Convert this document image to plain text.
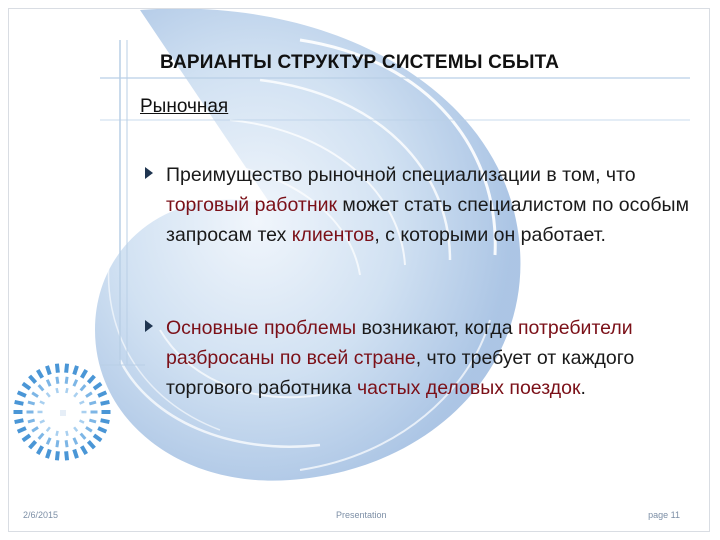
ВАРИАНТЫ СТРУКТУР СИСТЕМЫ СБЫТА
Рыночная
Преимущество рыночной специализации в том, что торговый работник может стать специалистом по особым запросам тех клиентов, с которыми он работает.
Основные проблемы возникают, когда потребители разбросаны по всей стране, что требует от каждого торгового работника частых деловых поездок.
2/6/2015	Presentation	page 11
